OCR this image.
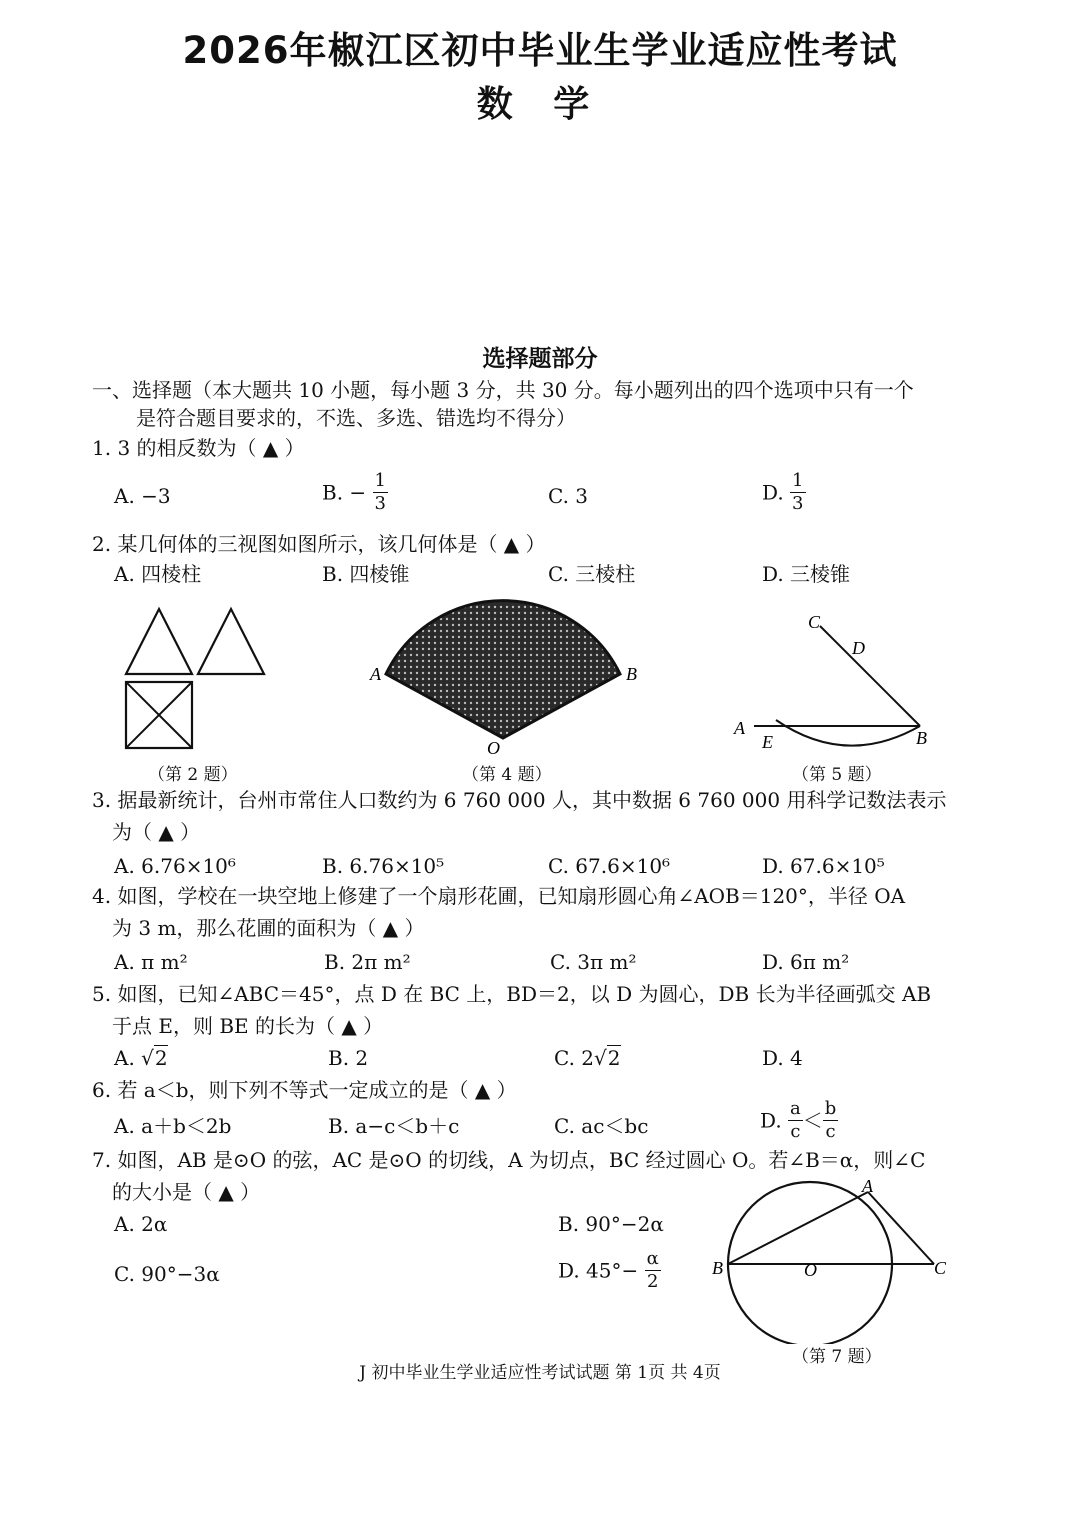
2026年椒江区初中毕业生学业适应性考试
数 学
选择题部分
一、选择题（本大题共 10 小题，每小题 3 分，共 30 分。每小题列出的四个选项中只有一个
是符合题目要求的，不选、多选、错选均不得分）
1. 3 的相反数为（ ▲ ）
A. −3	B. − $\frac{1}{3}$	C. 3	D. $\frac{1}{3}$
2. 某几何体的三视图如图所示，该几何体是（ ▲ ）
A. 四棱柱	B. 四棱锥	C. 三棱柱	D. 三棱锥
（第 2 题）
A	B
O
（第 4 题）
C
D
A
E	B
（第 5 题）
3. 据最新统计，台州市常住人口数约为 6 760 000 人，其中数据 6 760 000 用科学记数法表示
为（ ▲ ）
A. 6.76×10⁶	B. 6.76×10⁵	C. 67.6×10⁶	D. 67.6×10⁵
4. 如图，学校在一块空地上修建了一个扇形花圃，已知扇形圆心角∠AOB＝120°，半径 OA
为 3 m，那么花圃的面积为（ ▲ ）
A. π m²	B. 2π m²	C. 3π m²	D. 6π m²
5. 如图，已知∠ABC＝45°，点 D 在 BC 上，BD＝2，以 D 为圆心，DB 长为半径画弧交 AB
于点 E，则 BE 的长为（ ▲ ）
A. √2	B. 2	C. 2√2	D. 4
6. 若 a＜b，则下列不等式一定成立的是（ ▲ ）
A. a＋b＜2b	B. a−c＜b＋c	C. ac＜bc	D. $\frac{a}{c} < \frac{b}{c}$
7. 如图，AB 是⊙O 的弦，AC 是⊙O 的切线，A 为切点，BC 经过圆心 O。若∠B＝α，则∠C
的大小是（ ▲ ）
A. 2α	B. 90°−2α
C. 90°−3α	D. $45^\circ- \frac{\alpha}{2}$
A
B	O	C
（第 7 题）
J 初中毕业生学业适应性考试试题 第 1页 共 4页
